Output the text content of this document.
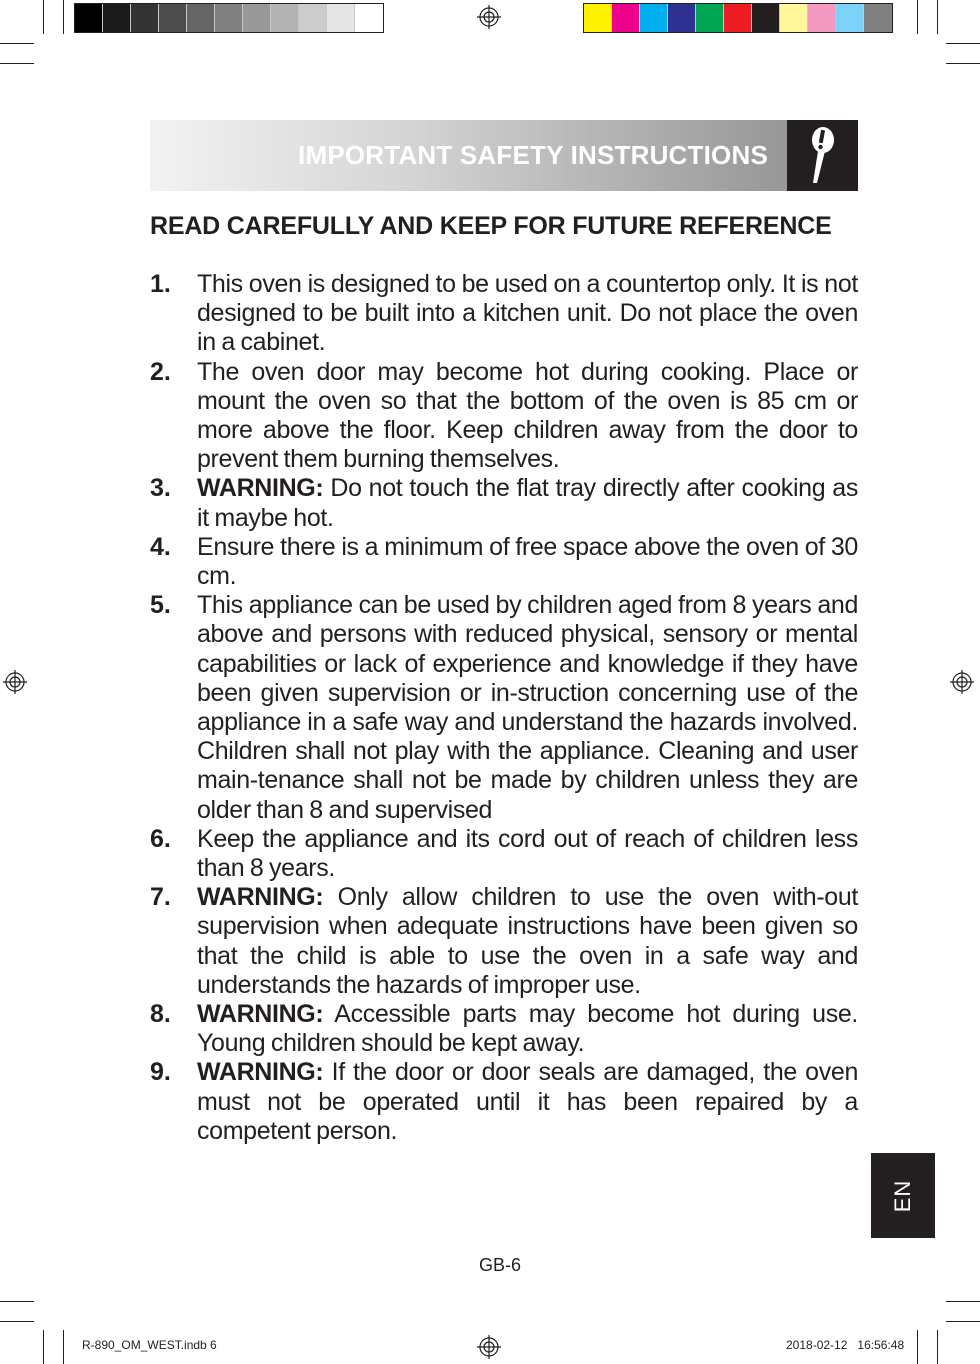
IMPORTANT SAFETY INSTRUCTIONS
READ CAREFULLY AND KEEP FOR FUTURE REFERENCE
1. This oven is designed to be used on a countertop only. It is not designed to be built into a kitchen unit. Do not place the oven in a cabinet.
2. The oven door may become hot during cooking. Place or mount the oven so that the bottom of the oven is 85 cm or more above the floor. Keep children away from the door to prevent them burning themselves.
3. WARNING: Do not touch the flat tray directly after cooking as it maybe hot.
4. Ensure there is a minimum of free space above the oven of 30 cm.
5. This appliance can be used by children aged from 8 years and above and persons with reduced physical, sensory or mental capabilities or lack of experience and knowledge if they have been given supervision or in-struction concerning use of the appliance in a safe way and understand the hazards involved. Children shall not play with the appliance. Cleaning and user main-tenance shall not be made by children unless they are older than 8 and supervised
6. Keep the appliance and its cord out of reach of children less than 8 years.
7. WARNING: Only allow children to use the oven with-out supervision when adequate instructions have been given so that the child is able to use the oven in a safe way and understands the hazards of improper use.
8. WARNING: Accessible parts may become hot during use. Young children should be kept away.
9. WARNING: If the door or door seals are damaged, the oven must not be operated until it has been repaired by a competent person.
EN
GB-6
R-890_OM_WEST.indb 6	2018-02-12 16:56:48
